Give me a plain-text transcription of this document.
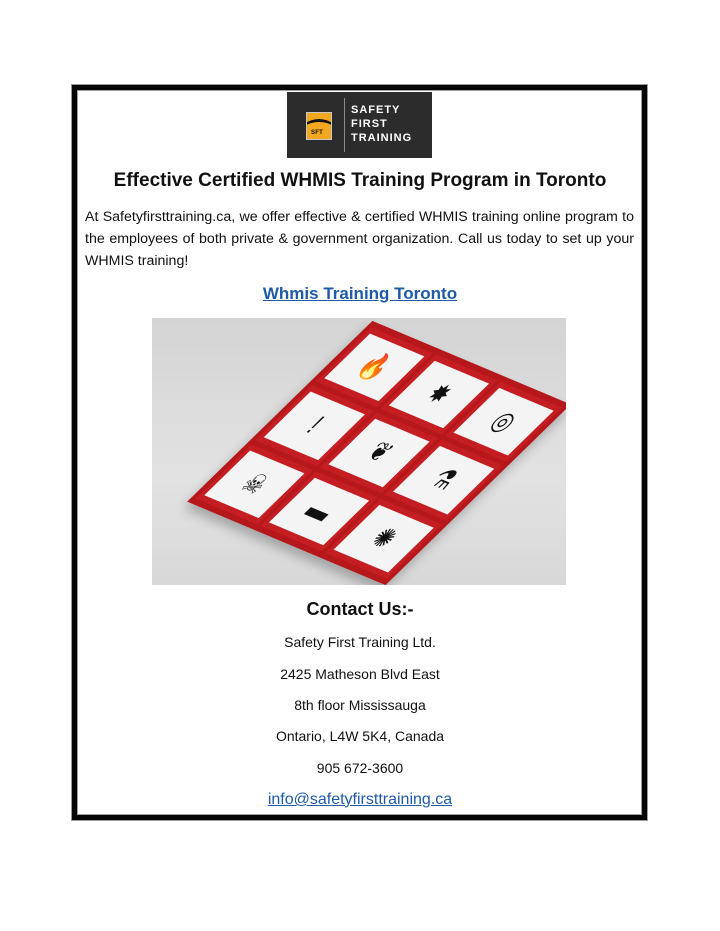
SFT
SAFETY
FIRST
TRAINING
Effective Certified WHMIS Training Program in Toronto
At Safetyfirsttraining.ca, we offer effective & certified WHMIS training online program to the employees of both private & government organization. Call us today to set up your WHMIS training!
Whmis Training Toronto
🔥
✸
◎
!
❦
⚗
☠
▬
✺
Contact Us:-
Safety First Training Ltd.
2425 Matheson Blvd East
8th floor Mississauga
Ontario, L4W 5K4, Canada
905 672-3600
info@safetyfirsttraining.ca
